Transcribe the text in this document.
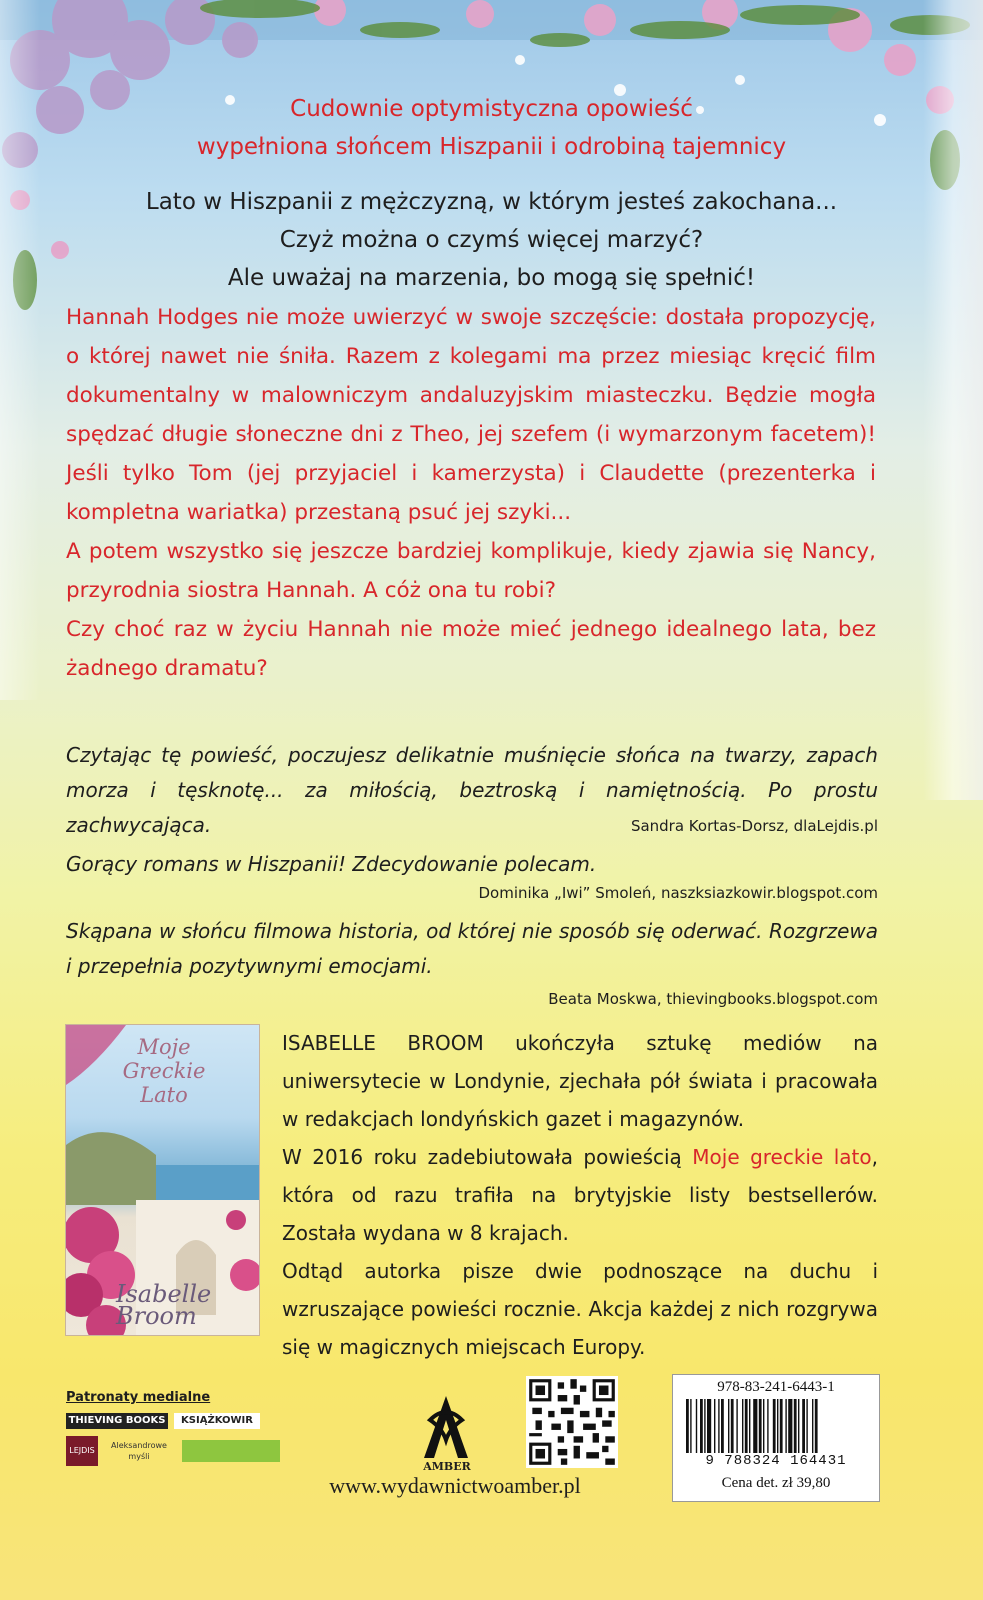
Cudownie optymistyczna opowieść
wypełniona słońcem Hiszpanii i odrobiną tajemnicy
Lato w Hiszpanii z mężczyzną, w którym jesteś zakochana...
Czyż można o czymś więcej marzyć?
Ale uważaj na marzenia, bo mogą się spełnić!

Hannah Hodges nie może uwierzyć w swoje szczęście: dostała propozycję, o której nawet nie śniła. Razem z kolegami ma przez miesiąc kręcić film dokumentalny w malowniczym andaluzyjskim miasteczku. Będzie mogła spędzać długie słoneczne dni z Theo, jej szefem (i wymarzonym facetem)! Jeśli tylko Tom (jej przyjaciel i kamerzysta) i Claudette (prezenterka i kompletna wariatka) przestaną psuć jej szyki...

A potem wszystko się jeszcze bardziej komplikuje, kiedy zjawia się Nancy, przyrodnia siostra Hannah. A cóż ona tu robi?

Czy choć raz w życiu Hannah nie może mieć jednego idealnego lata, bez żadnego dramatu?

Czytając tę powieść, poczujesz delikatnie muśnięcie słońca na twarzy, zapach morza i tęsknotę... za miłością, beztroską i namiętnością. Po prostu zachwycająca.	Sandra Kortas-Dorsz, dlaLejdis.pl

Gorący romans w Hiszpanii! Zdecydowanie polecam.

Dominika „Iwi” Smoleń, naszksiazkowir.blogspot.com

Skąpana w słońcu filmowa historia, od której nie sposób się oderwać. Rozgrzewa i przepełnia pozytywnymi emocjami.

Beata Moskwa, thievingbooks.blogspot.com

Moje Greckie Lato
Isabelle Broom

ISABELLE BROOM ukończyła sztukę mediów na uniwersytecie w Londynie, zjechała pół świata i pracowała w redakcjach londyńskich gazet i magazynów.

W 2016 roku zadebiutowała powieścią Moje greckie lato, która od razu trafiła na brytyjskie listy bestsellerów. Została wydana w 8 krajach.

Odtąd autorka pisze dwie podnoszące na duchu i wzruszające powieści rocznie. Akcja każdej z nich rozgrywa się w magicznych miejscach Europy.

Patronaty medialne
THIEVING BOOKS	KSIĄŻKOWIR
LEJDIS
Aleksandrowe myśli
AMBER
www.wydawnictwoamber.pl
978-83-241-6443-1
9 788324 164431
Cena det. zł 39,80
